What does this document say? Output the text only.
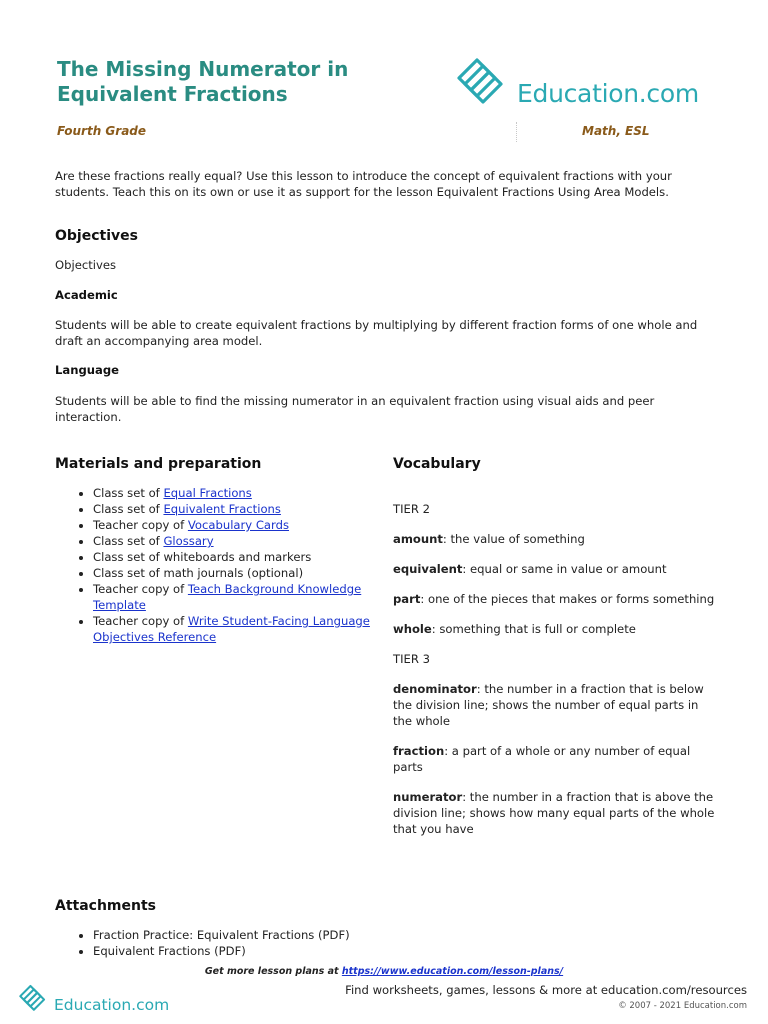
The Missing Numerator in
Equivalent Fractions	Education.com
Fourth Grade	Math, ESL

Are these fractions really equal? Use this lesson to introduce the concept of equivalent fractions with your students. Teach this on its own or use it as support for the lesson Equivalent Fractions Using Area Models.

Objectives

Objectives

Academic

Students will be able to create equivalent fractions by multiplying by different fraction forms of one whole and draft an accompanying area model.

Language

Students will be able to find the missing numerator in an equivalent fraction using visual aids and peer interaction.

Materials and preparation
• Class set of Equal Fractions
• Class set of Equivalent Fractions
• Teacher copy of Vocabulary Cards
• Class set of Glossary
• Class set of whiteboards and markers
• Class set of math journals (optional)
• Teacher copy of Teach Background Knowledge Template
• Teacher copy of Write Student-Facing Language Objectives Reference
Vocabulary

TIER 2

amount: the value of something

equivalent: equal or same in value or amount

part: one of the pieces that makes or forms something

whole: something that is full or complete

TIER 3

denominator: the number in a fraction that is below the division line; shows the number of equal parts in the whole

fraction: a part of a whole or any number of equal parts

numerator: the number in a fraction that is above the division line; shows how many equal parts of the whole that you have

Attachments
• Fraction Practice: Equivalent Fractions (PDF)
• Equivalent Fractions (PDF)
Get more lesson plans at https://www.education.com/lesson-plans/
Education.com
Find worksheets, games, lessons & more at education.com/resources
© 2007 - 2021 Education.com
